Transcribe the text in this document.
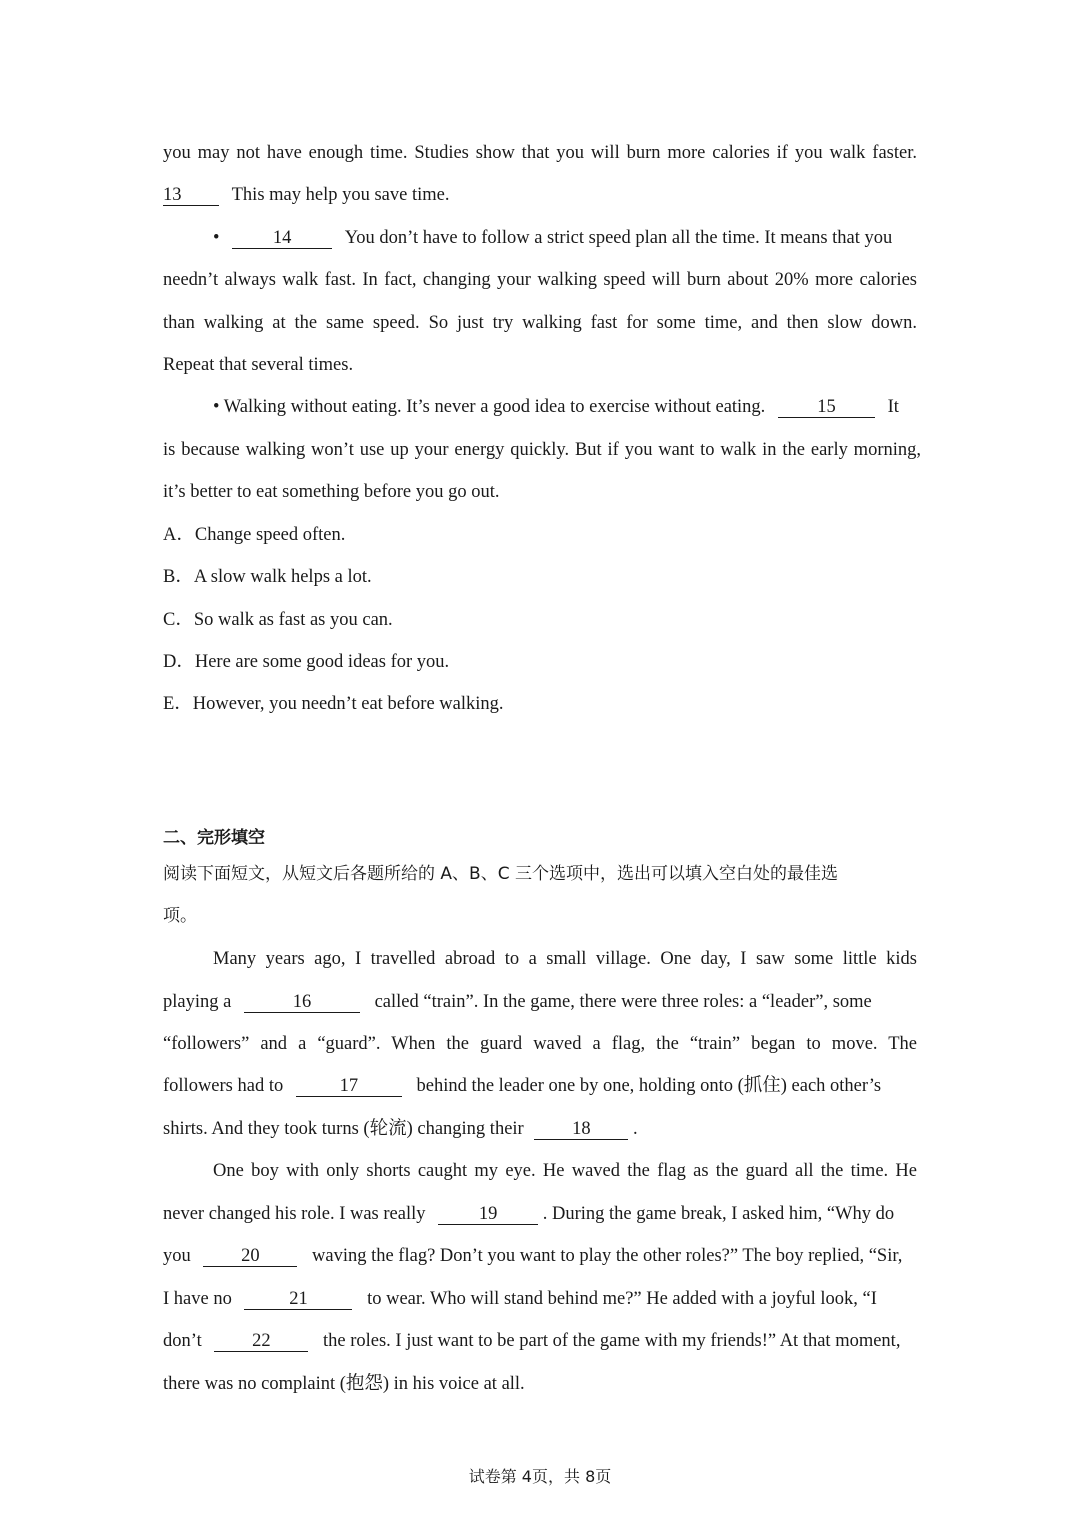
you may not have enough time. Studies show that you will burn more calories if you walk faster.
13	This may help you save time.
•	14	You don’t have to follow a strict speed plan all the time. It means that you
needn’t always walk fast. In fact, changing your walking speed will burn about 20% more calories
than walking at the same speed. So just try walking fast for some time, and then slow down.
Repeat that several times.
• Walking without eating. It’s never a good idea to exercise without eating.	15	It
is because walking won’t use up your energy quickly. But if you want to walk in the early morning,
it’s better to eat something before you go out.
A．Change speed often.
B．A slow walk helps a lot.
C．So walk as fast as you can.
D．Here are some good ideas for you.
E．However, you needn’t eat before walking.
二、完形填空
阅读下面短文，从短文后各题所给的 A、B、C 三个选项中，选出可以填入空白处的最佳选
项。
Many years ago, I travelled abroad to a small village. One day, I saw some little kids
playing a	16	called “train”. In the game, there were three roles: a “leader”, some
“followers” and a “guard”. When the guard waved a flag, the “train” began to move. The
followers had to	17	behind the leader one by one, holding onto (抓住) each other’s
shirts. And they took turns (轮流) changing their	18 .
One boy with only shorts caught my eye. He waved the flag as the guard all the time. He
never changed his role. I was really	19 . During the game break, I asked him, “Why do
you	20	waving the flag? Don’t you want to play the other roles?” The boy replied, “Sir,
I have no	21	to wear. Who will stand behind me?” He added with a joyful look, “I
don’t	22	the roles. I just want to be part of the game with my friends!” At that moment,
there was no complaint (抱怨) in his voice at all.
试卷第 4页，共 8页
